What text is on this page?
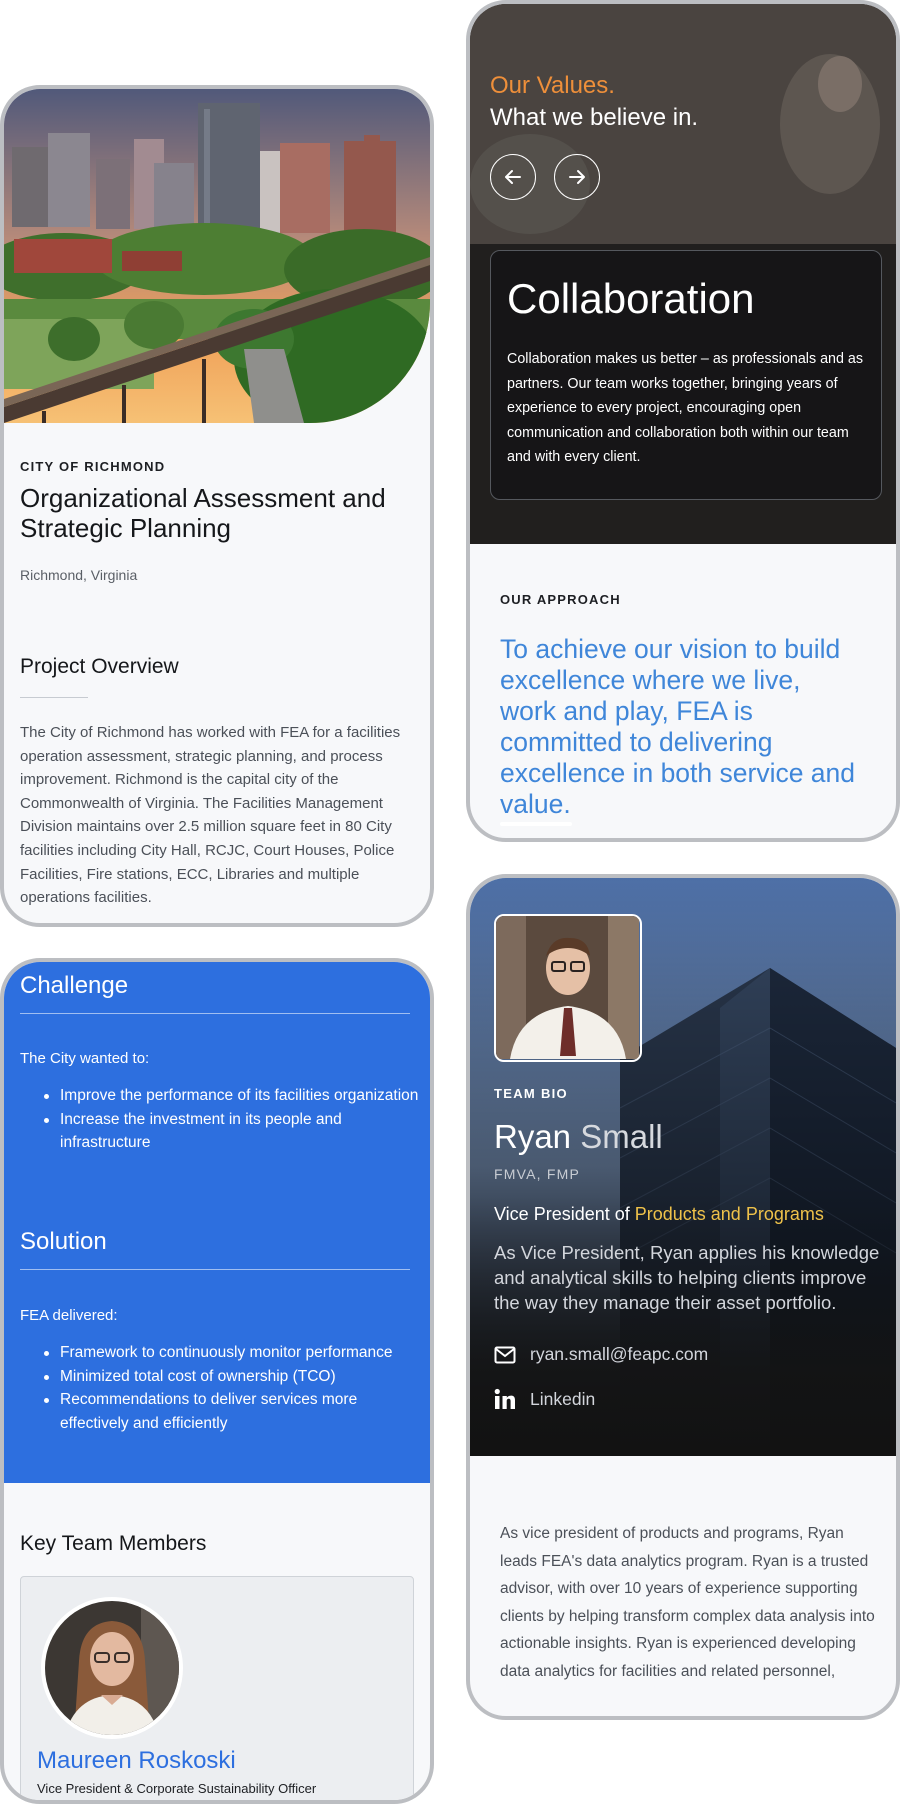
CITY OF RICHMOND
Organizational Assessment and Strategic Planning
Richmond, Virginia
Project Overview
The City of Richmond has worked with FEA for a facilities operation assessment, strategic planning, and process improvement. Richmond is the capital city of the Commonwealth of Virginia. The Facilities Management Division maintains over 2.5 million square feet in 80 City facilities including City Hall, RCJC, Court Houses, Police Facilities, Fire stations, ECC, Libraries and multiple operations facilities.
Challenge
The City wanted to:
Improve the performance of its facilities organization
Increase the investment in its people and infrastructure
Solution
FEA delivered:
Framework to continuously monitor performance
Minimized total cost of ownership (TCO)
Recommendations to deliver services more effectively and efficiently
Key Team Members
Maureen Roskoski
Vice President & Corporate Sustainability Officer
Our Values.
What we believe in.
Collaboration
Collaboration makes us better – as professionals and as partners. Our team works together, bringing years of experience to every project, encouraging open communication and collaboration both within our team and with every client.
OUR APPROACH
To achieve our vision to build excellence where we live, work and play, FEA is committed to delivering excellence in both service and value.
TEAM BIO
Ryan Small
FMVA, FMP
Vice President of Products and Programs
As Vice President, Ryan applies his knowledge and analytical skills to helping clients improve the way they manage their asset portfolio.
ryan.small@feapc.com
Linkedin
As vice president of products and programs, Ryan leads FEA's data analytics program. Ryan is a trusted advisor, with over 10 years of experience supporting clients by helping transform complex data analysis into actionable insights. Ryan is experienced developing data analytics for facilities and related personnel,
